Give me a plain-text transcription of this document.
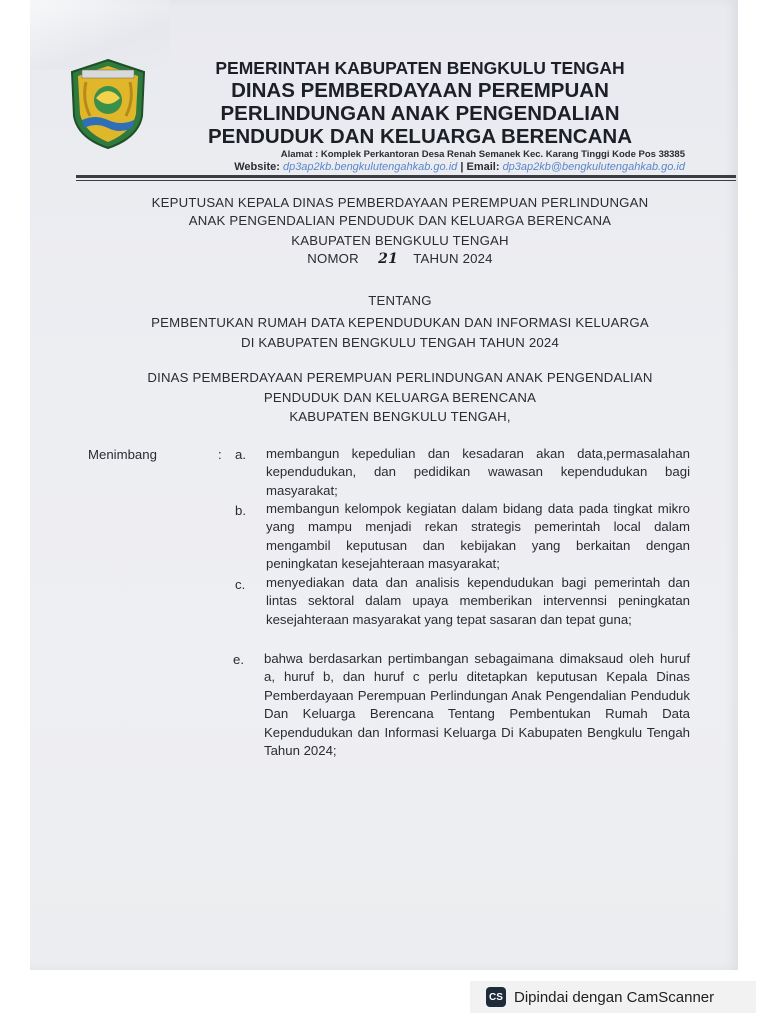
PEMERINTAH KABUPATEN BENGKULU TENGAH
DINAS PEMBERDAYAAN PEREMPUAN
PERLINDUNGAN ANAK PENGENDALIAN
PENDUDUK DAN KELUARGA BERENCANA
Alamat : Komplek Perkantoran Desa Renah Semanek Kec. Karang Tinggi Kode Pos 38385
Website: dp3ap2kb.bengkulutengahkab.go.id | Email: dp3ap2kb@bengkulutengahkab.go.id

KEPUTUSAN KEPALA DINAS PEMBERDAYAAN PEREMPUAN PERLINDUNGAN

ANAK PENGENDALIAN PENDUDUK DAN KELUARGA BERENCANA

KABUPATEN BENGKULU TENGAH

NOMOR 21 TAHUN 2024

TENTANG

PEMBENTUKAN RUMAH DATA KEPENDUDUKAN DAN INFORMASI KELUARGA

DI KABUPATEN BENGKULU TENGAH TAHUN 2024

DINAS PEMBERDAYAAN PEREMPUAN PERLINDUNGAN ANAK PENGENDALIAN

PENDUDUK DAN KELUARGA BERENCANA

KABUPATEN BENGKULU TENGAH,

Menimbang	: a. membangun kepedulian dan kesadaran akan data,permasalahan kependudukan, dan pedidikan wawasan kependudukan bagi masyarakat;

b. membangun kelompok kegiatan dalam bidang data pada tingkat mikro yang mampu menjadi rekan strategis pemerintah local dalam mengambil keputusan dan kebijakan yang berkaitan dengan peningkatan kesejahteraan masyarakat;

c. menyediakan data dan analisis kependudukan bagi pemerintah dan lintas sektoral dalam upaya memberikan intervennsi peningkatan kesejahteraan masyarakat yang tepat sasaran dan tepat guna;

e. bahwa berdasarkan pertimbangan sebagaimana dimaksaud oleh huruf a, huruf b, dan huruf c perlu ditetapkan keputusan Kepala Dinas Pemberdayaan Perempuan Perlindungan Anak Pengendalian Penduduk Dan Keluarga Berencana Tentang Pembentukan Rumah Data Kependudukan dan Informasi Keluarga Di Kabupaten Bengkulu Tengah Tahun 2024;

CS Dipindai dengan CamScanner
